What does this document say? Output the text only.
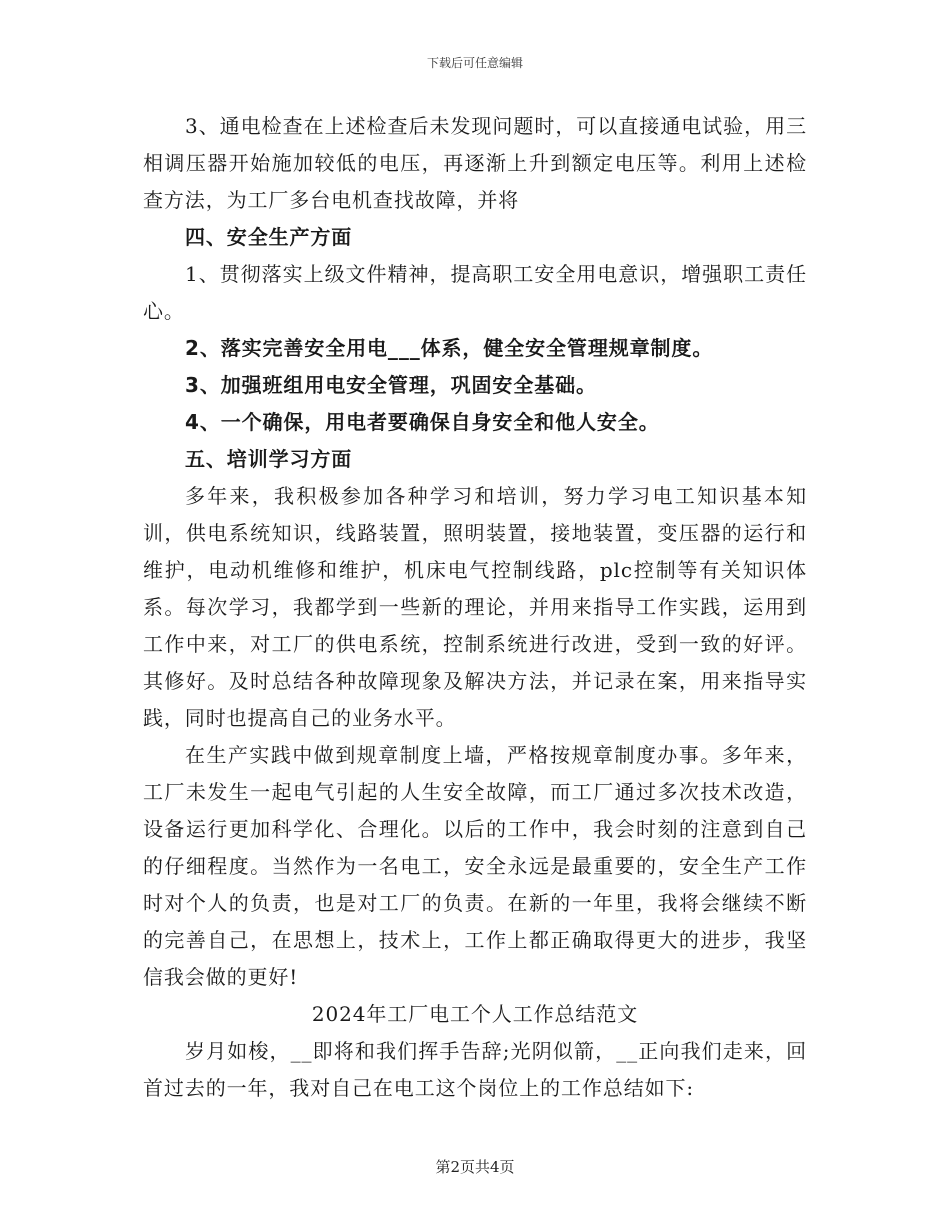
下载后可任意编辑

3、通电检查在上述检查后未发现问题时，可以直接通电试验，用三相调压器开始施加较低的电压，再逐渐上升到额定电压等。利用上述检查方法，为工厂多台电机查找故障，并将

四、安全生产方面

1、贯彻落实上级文件精神，提高职工安全用电意识，增强职工责任心。

2、落实完善安全用电___体系，健全安全管理规章制度。

3、加强班组用电安全管理，巩固安全基础。

4、一个确保，用电者要确保自身安全和他人安全。

五、培训学习方面

多年来，我积极参加各种学习和培训，努力学习电工知识基本知训，供电系统知识，线路装置，照明装置，接地装置，变压器的运行和维护，电动机维修和维护，机床电气控制线路，plc控制等有关知识体系。每次学习，我都学到一些新的理论，并用来指导工作实践，运用到工作中来，对工厂的供电系统，控制系统进行改进，受到一致的好评。其修好。及时总结各种故障现象及解决方法，并记录在案，用来指导实践，同时也提高自己的业务水平。

在生产实践中做到规章制度上墙，严格按规章制度办事。多年来，工厂未发生一起电气引起的人生安全故障，而工厂通过多次技术改造，设备运行更加科学化、合理化。以后的工作中，我会时刻的注意到自己的仔细程度。当然作为一名电工，安全永远是最重要的，安全生产工作时对个人的负责，也是对工厂的负责。在新的一年里，我将会继续不断的完善自己，在思想上，技术上，工作上都正确取得更大的进步，我坚信我会做的更好!

2024年工厂电工个人工作总结范文

岁月如梭，__即将和我们挥手告辞;光阴似箭，__正向我们走来，回首过去的一年，我对自己在电工这个岗位上的工作总结如下:

第2页共4页
